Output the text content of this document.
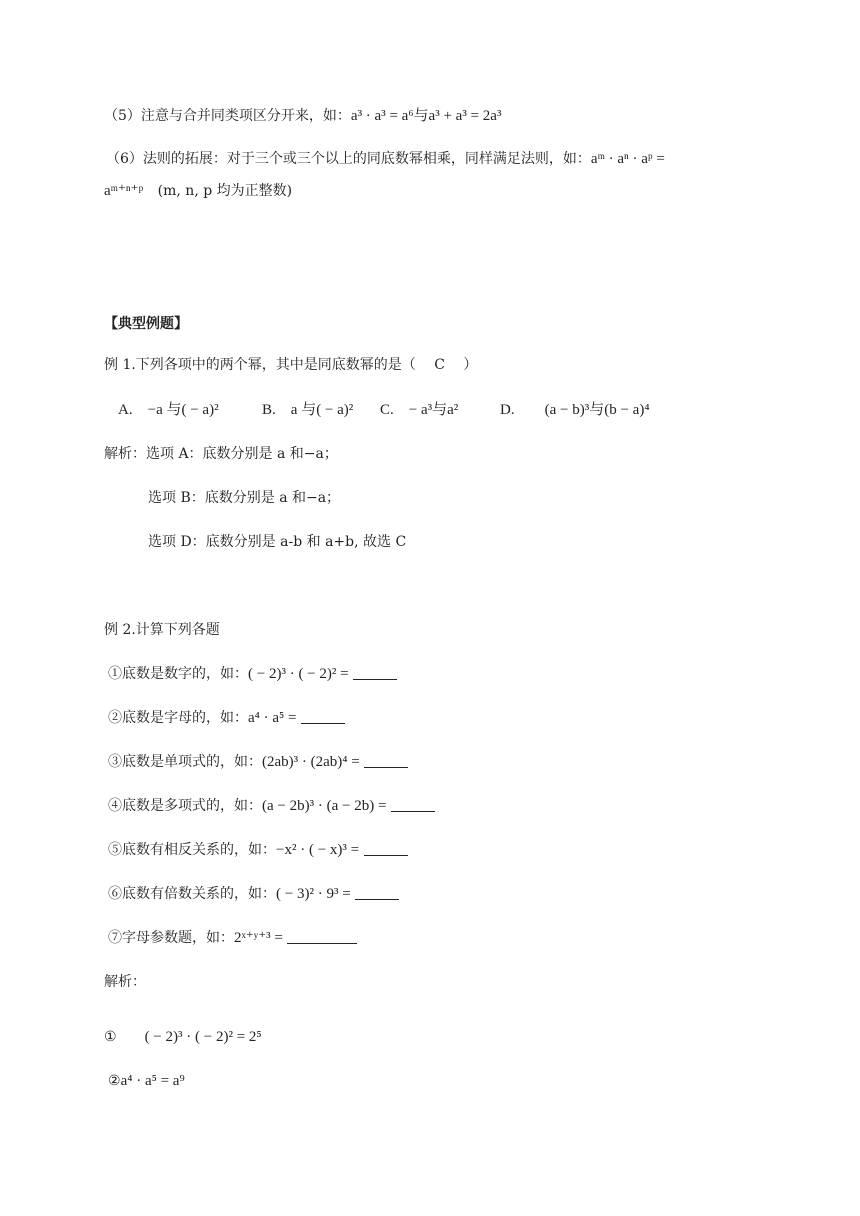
（5）注意与合并同类项区分开来，如：a³ · a³ = a⁶与a³ + a³ = 2a³
（6）法则的拓展：对于三个或三个以上的同底数幂相乘，同样满足法则，如：aᵐ · aⁿ · aᵖ =
aᵐ⁺ⁿ⁺ᵖ (m, n, p 均为正整数)
【典型例题】
例 1.下列各项中的两个幂，其中是同底数幂的是（　 C　 ）
A.　 −a 与( − a)²	B.　 a 与( − a)² C.　 − a³与a²	D.　　 (a − b)³与(b − a)⁴
解析：选项 A：底数分别是 a 和−a；
选项 B：底数分别是 a 和−a；
选项 D：底数分别是 a-b 和 a+b, 故选 C
例 2.计算下列各题
①底数是数字的，如：( − 2)³ · ( − 2)² =
②底数是字母的，如：a⁴ · a⁵ =
③底数是单项式的，如：(2ab)³ · (2ab)⁴ =
④底数是多项式的，如：(a − 2b)³ · (a − 2b) =
⑤底数有相反关系的，如：−x² · ( − x)³ =
⑥底数有倍数关系的，如：( − 3)² · 9³ =
⑦字母参数题，如：2ˣ⁺ʸ⁺³ =
解析：
① ( − 2)³ · ( − 2)² = 2⁵
②a⁴ · a⁵ = a⁹
